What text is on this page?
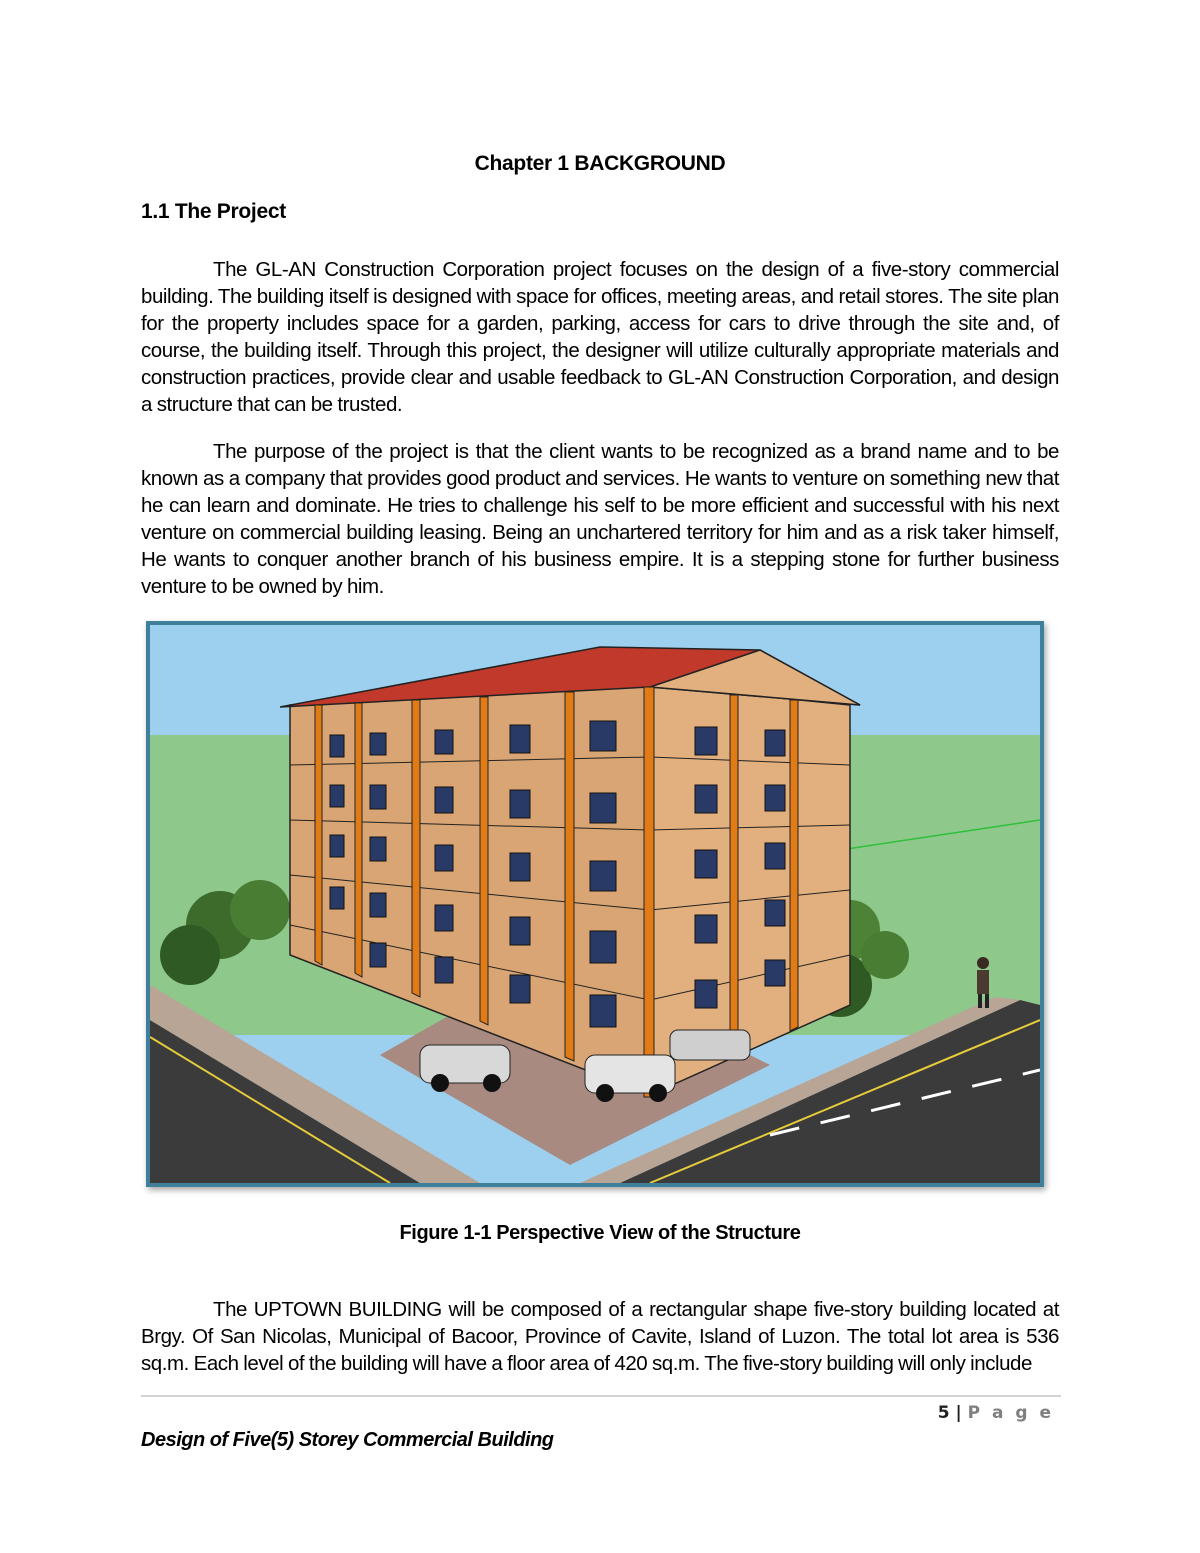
Chapter 1 BACKGROUND
1.1 The Project

The GL-AN Construction Corporation project focuses on the design of a five-story commercial building. The building itself is designed with space for offices, meeting areas, and retail stores. The site plan for the property includes space for a garden, parking, access for cars to drive through the site and, of course, the building itself. Through this project, the designer will utilize culturally appropriate materials and construction practices, provide clear and usable feedback to GL-AN Construction Corporation, and design a structure that can be trusted.

The purpose of the project is that the client wants to be recognized as a brand name and to be known as a company that provides good product and services. He wants to venture on something new that he can learn and dominate. He tries to challenge his self to be more efficient and successful with his next venture on commercial building leasing. Being an unchartered territory for him and as a risk taker himself, He wants to conquer another branch of his business empire. It is a stepping stone for further business venture to be owned by him.

Figure 1-1 Perspective View of the Structure

The UPTOWN BUILDING will be composed of a rectangular shape five-story building located at Brgy. Of San Nicolas, Municipal of Bacoor, Province of Cavite, Island of Luzon. The total lot area is 536 sq.m. Each level of the building will have a floor area of 420 sq.m. The five-story building will only include

5 | P a g e
Design of Five(5) Storey Commercial Building
